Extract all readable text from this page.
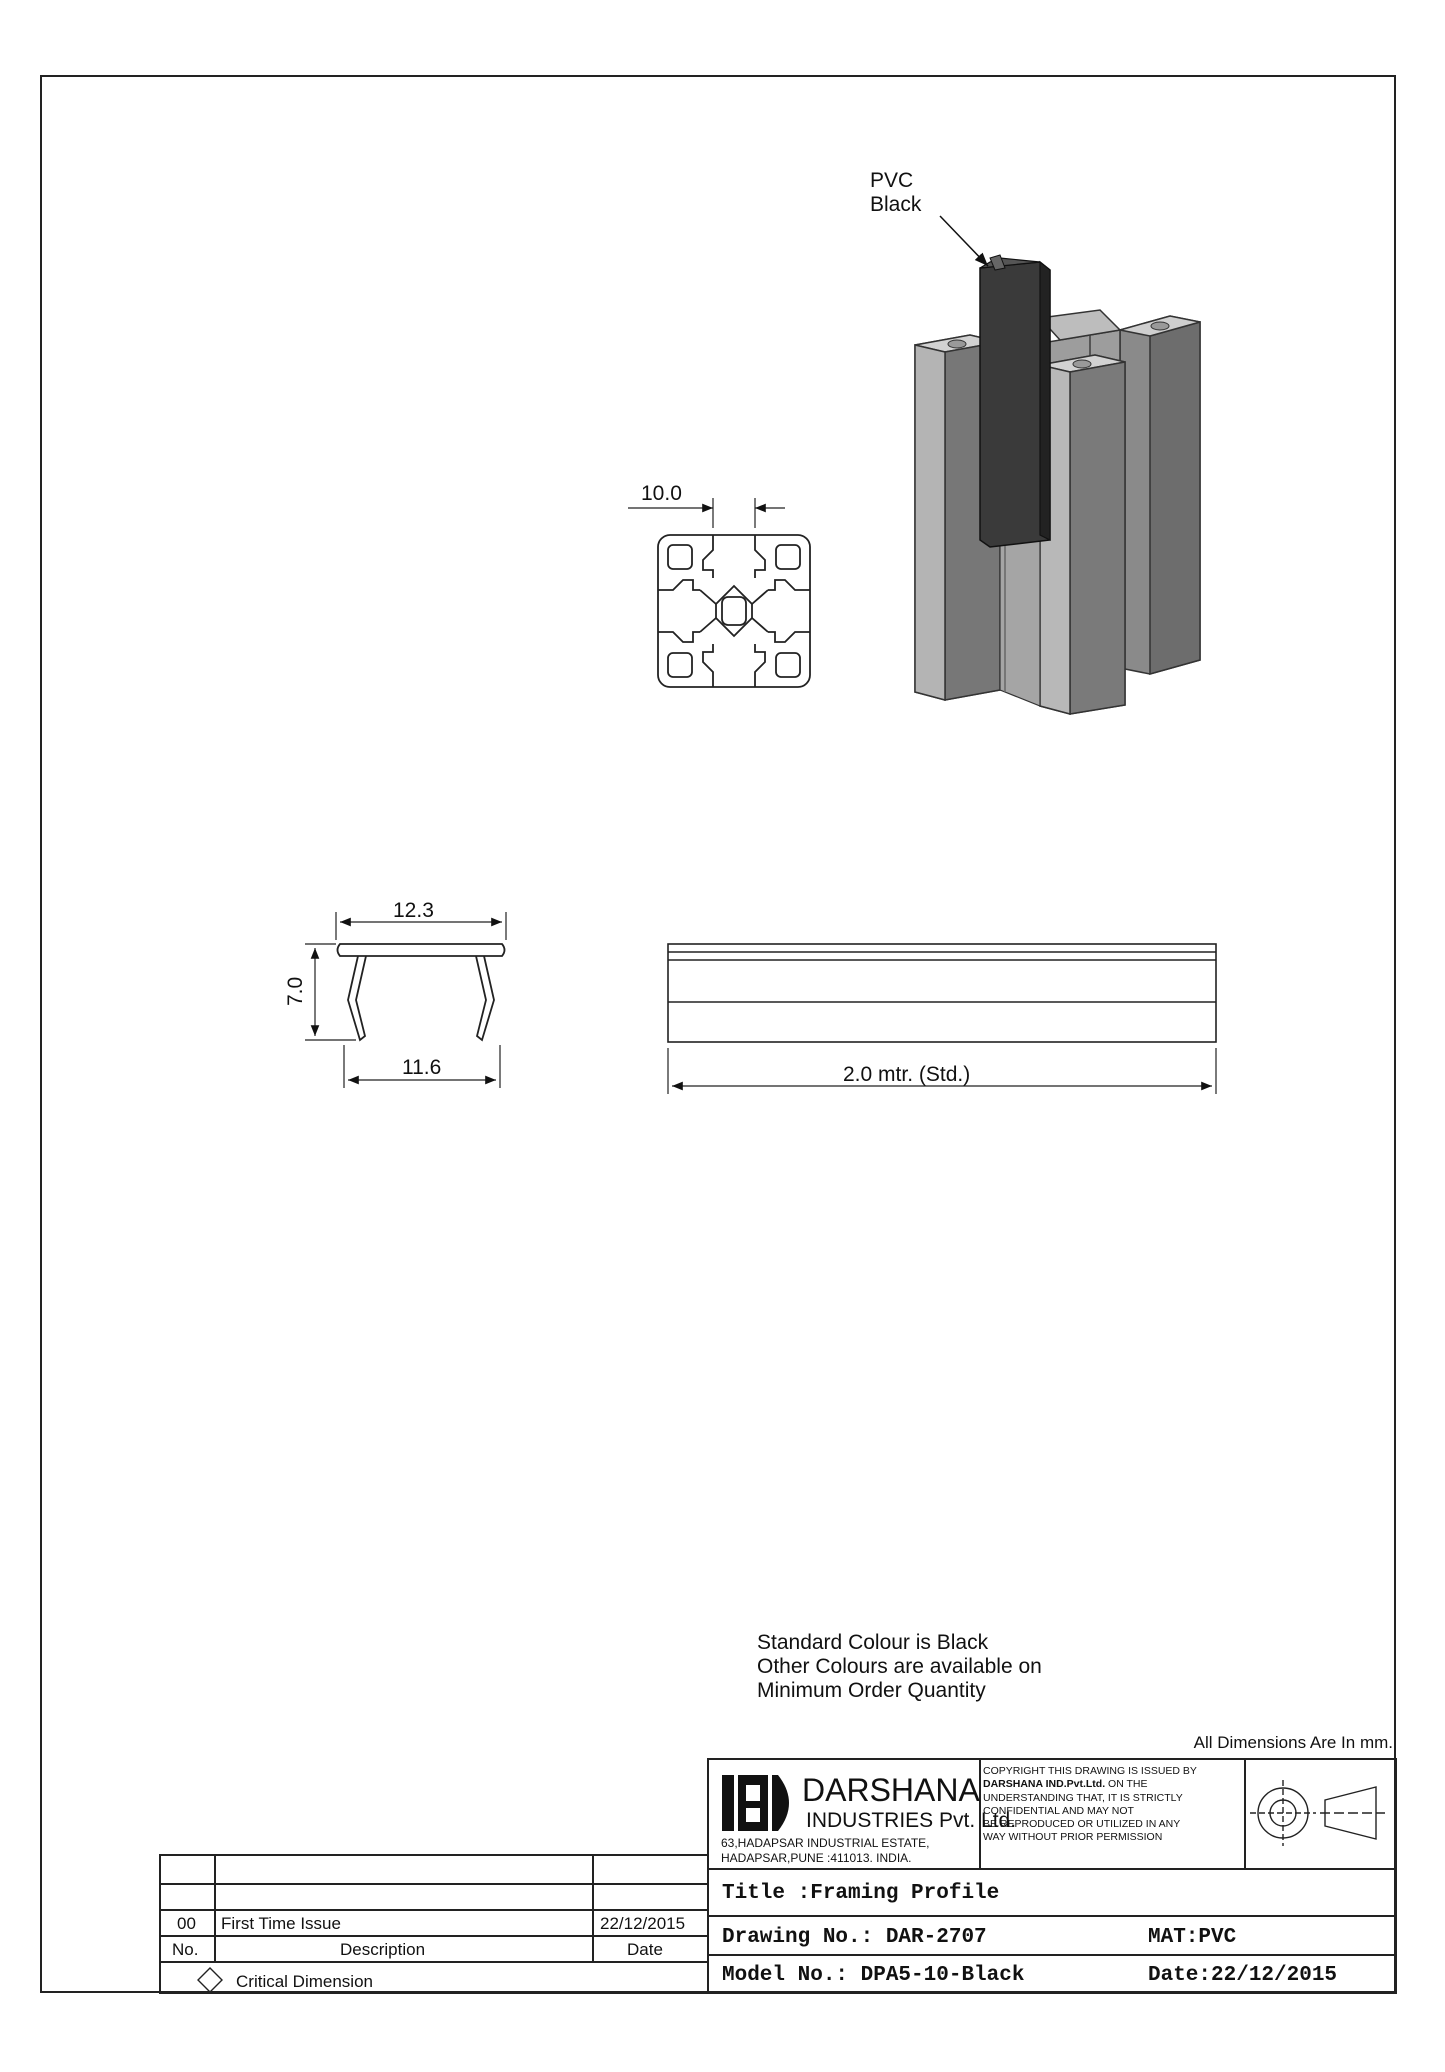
PVC
Black
10.0
12.3
7.0
11.6	2.0 mtr. (Std.)
Standard Colour is Black
Other Colours are available on
Minimum Order Quantity
All Dimensions Are In mm.
DARSHANA
INDUSTRIES Pvt. Ltd.
63,HADAPSAR INDUSTRIAL ESTATE,
HADAPSAR,PUNE :411013. INDIA.
COPYRIGHT THIS DRAWING IS ISSUED BY
DARSHANA IND.Pvt.Ltd. ON THE
UNDERSTANDING THAT, IT IS STRICTLY
CONFIDENTIAL AND MAY NOT
BE REPRODUCED OR UTILIZED IN ANY
WAY WITHOUT PRIOR PERMISSION
Title :Framing Profile
Drawing No.: DAR-2707	MAT:PVC
Model No.: DPA5-10-Black	Date:22/12/2015
00 First Time Issue	22/12/2015
No.	Description	Date
Critical Dimension
